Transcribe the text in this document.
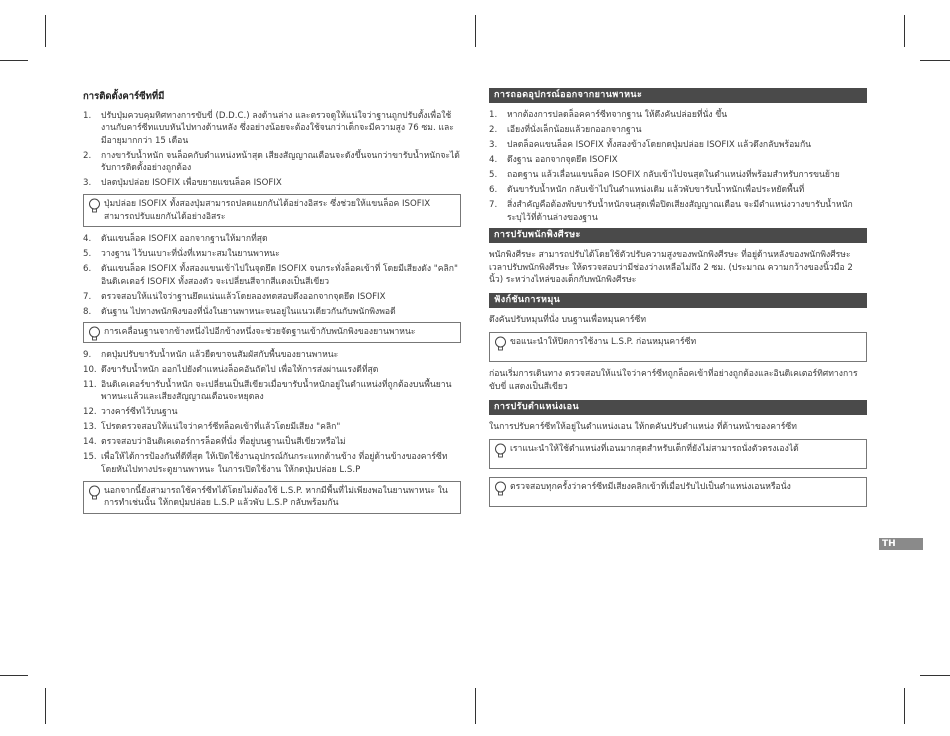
การติดตั้งคาร์ซีทที่มี
1. ปรับปุ่มควบคุมทิศทางการขับขี่ (D.D.C.) ลงด้านล่าง และตรวจดูให้แน่ใจว่าฐานถูกปรับตั้งเพื่อใช้งานกับคาร์ซีทแบบหันไปทางด้านหลัง ซึ่งอย่างน้อยจะต้องใช้จนกว่าเด็กจะมีความสูง 76 ซม. และมีอายุมากกว่า 15 เดือน
2. กางขารับน้ำหนัก จนล็อคกับตำแหน่งหน้าสุด เสียงสัญญาณเตือนจะดังขึ้นจนกว่าขารับน้ำหนักจะได้รับการติดตั้งอย่างถูกต้อง
3. ปลดปุ่มปล่อย ISOFIX เพื่อขยายแขนล็อค ISOFIX
ปุ่มปล่อย ISOFIX ทั้งสองปุ่มสามารถปลดแยกกันได้อย่างอิสระ ซึ่งช่วยให้แขนล็อค ISOFIX สามารถปรับแยกกันได้อย่างอิสระ
4. ดันแขนล็อค ISOFIX ออกจากฐานให้มากที่สุด
5. วางฐาน ไว้บนเบาะที่นั่งที่เหมาะสมในยานพาหนะ
6. ดันแขนล็อค ISOFIX ทั้งสองแขนเข้าไปในจุดยึด ISOFIX จนกระทั่งล็อคเข้าที่ โดยมีเสียงดัง "คลิก" อินดิเคเตอร์ ISOFIX ทั้งสองตัว จะเปลี่ยนสีจากสีแดงเป็นสีเขียว
7. ตรวจสอบให้แน่ใจว่าฐานยึดแน่นแล้วโดยลองทดสอบดึงออกจากจุดยึด ISOFIX
8. ดันฐาน ไปทางพนักพิงของที่นั่งในยานพาหนะจนอยู่ในแนวเดียวกันกับพนักพิงพอดี
การเคลื่อนฐานจากข้างหนึ่งไปอีกข้างหนึ่งจะช่วยจัดฐานเข้ากับพนักพิงของยานพาหนะ
9. กดปุ่มปรับขารับน้ำหนัก แล้วยืดขาจนสัมผัสกับพื้นของยานพาหนะ
10. ดึงขารับน้ำหนัก ออกไปยังตำแหน่งล็อคอันถัดไป เพื่อให้การส่งผ่านแรงดีที่สุด
11. อินดิเคเตอร์ขารับน้ำหนัก จะเปลี่ยนเป็นสีเขียวเมื่อขารับน้ำหนักอยู่ในตำแหน่งที่ถูกต้องบนพื้นยานพาหนะแล้วและเสียงสัญญาณเตือนจะหยุดลง
12. วางคาร์ซีทไว้บนฐาน
13. โปรดตรวจสอบให้แน่ใจว่าคาร์ซีทล็อคเข้าที่แล้วโดยมีเสียง "คลิก"
14. ตรวจสอบว่าอินดิเคเตอร์การล็อคที่นั่ง ที่อยู่บนฐานเป็นสีเขียวหรือไม่
15. เพื่อให้ได้การป้องกันที่ดีที่สุด ให้เปิดใช้งานอุปกรณ์กันกระแทกด้านข้าง ที่อยู่ด้านข้างของคาร์ซีทโดยหันไปทางประตูยานพาหนะ ในการเปิดใช้งาน ให้กดปุ่มปล่อย L.S.P
นอกจากนี้ยังสามารถใช้คาร์ซีทได้โดยไม่ต้องใช้ L.S.P. หากมีพื้นที่ไม่เพียงพอในยานพาหนะ ในการทำเช่นนั้น ให้กดปุ่มปล่อย L.S.P แล้วพับ L.S.P กลับพร้อมกัน
การถอดอุปกรณ์ออกจากยานพาหนะ
1. หากต้องการปลดล็อคคาร์ซีทจากฐาน ให้ดึงคันปล่อยที่นั่ง ขึ้น
2. เอียงที่นั่งเล็กน้อยแล้วยกออกจากฐาน
3. ปลดล็อคแขนล็อค ISOFIX ทั้งสองข้างโดยกดปุ่มปล่อย ISOFIX แล้วดึงกลับพร้อมกัน
4. ดึงฐาน ออกจากจุดยึด ISOFIX
5. ถอดฐาน แล้วเลื่อนแขนล็อค ISOFIX กลับเข้าไปจนสุดในตำแหน่งที่พร้อมสำหรับการขนย้าย
6. ดันขารับน้ำหนัก กลับเข้าไปในตำแหน่งเดิม แล้วพับขารับน้ำหนักเพื่อประหยัดพื้นที่
7. สิ่งสำคัญคือต้องพับขารับน้ำหนักจนสุดเพื่อปิดเสียงสัญญาณเตือน จะมีตำแหน่งวางขารับน้ำหนัก ระบุไว้ที่ด้านล่างของฐาน
การปรับพนักพิงศีรษะ
พนักพิงศีรษะ สามารถปรับได้โดยใช้ตัวปรับความสูงของพนักพิงศีรษะ ที่อยู่ด้านหลังของพนักพิงศีรษะ เวลาปรับพนักพิงศีรษะ ให้ตรวจสอบว่ามีช่องว่างเหลือไม่ถึง 2 ซม. (ประมาณ ความกว้างของนิ้วมือ 2 นิ้ว) ระหว่างไหล่ของเด็กกับพนักพิงศีรษะ
ฟังก์ชันการหมุน
ดึงคันปรับหมุนที่นั่ง บนฐานเพื่อหมุนคาร์ซีท
ขอแนะนำให้ปิดการใช้งาน L.S.P. ก่อนหมุนคาร์ซีท
ก่อนเริ่มการเดินทาง ตรวจสอบให้แน่ใจว่าคาร์ซีทถูกล็อคเข้าที่อย่างถูกต้องและอินดิเคเตอร์ทิศทางการขับขี่ แสดงเป็นสีเขียว
การปรับตำแหน่งเอน
ในการปรับคาร์ซีทให้อยู่ในตำแหน่งเอน ให้กดคันปรับตำแหน่ง ที่ด้านหน้าของคาร์ซีท
เราแนะนำให้ใช้ตำแหน่งที่เอนมากสุดสำหรับเด็กที่ยังไม่สามารถนั่งตัวตรงเองได้
ตรวจสอบทุกครั้งว่าคาร์ซีทมีเสียงคลิกเข้าที่เมื่อปรับไปเป็นตำแหน่งเอนหรือนั่ง
TH
